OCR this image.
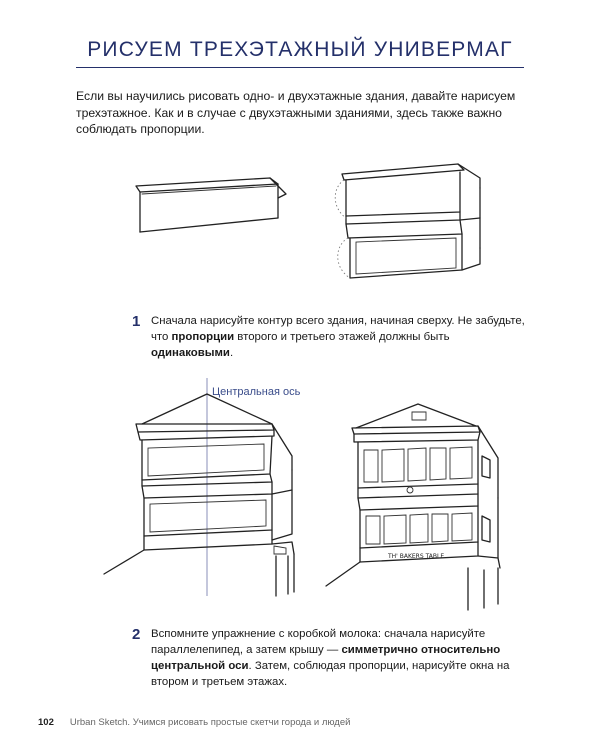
РИСУЕМ ТРЕХЭТАЖНЫЙ УНИВЕРМАГ
Если вы научились рисовать одно- и двухэтажные здания, давайте нарисуем трехэтажное. Как и в случае с двухэтажными зданиями, здесь также важно соблюдать пропорции.
1 Сначала нарисуйте контур всего здания, начиная сверху. Не забудьте, что пропорции второго и третьего этажей должны быть одинаковыми.
Центральная ось
TH' BAKERS TABLE
2 Вспомните упражнение с коробкой молока: сначала нарисуйте параллелепипед, а затем крышу — симметрично относительно центральной оси. Затем, соблюдая пропорции, нарисуйте окна на втором и третьем этажах.
102 Urban Sketch. Учимся рисовать простые скетчи города и людей
